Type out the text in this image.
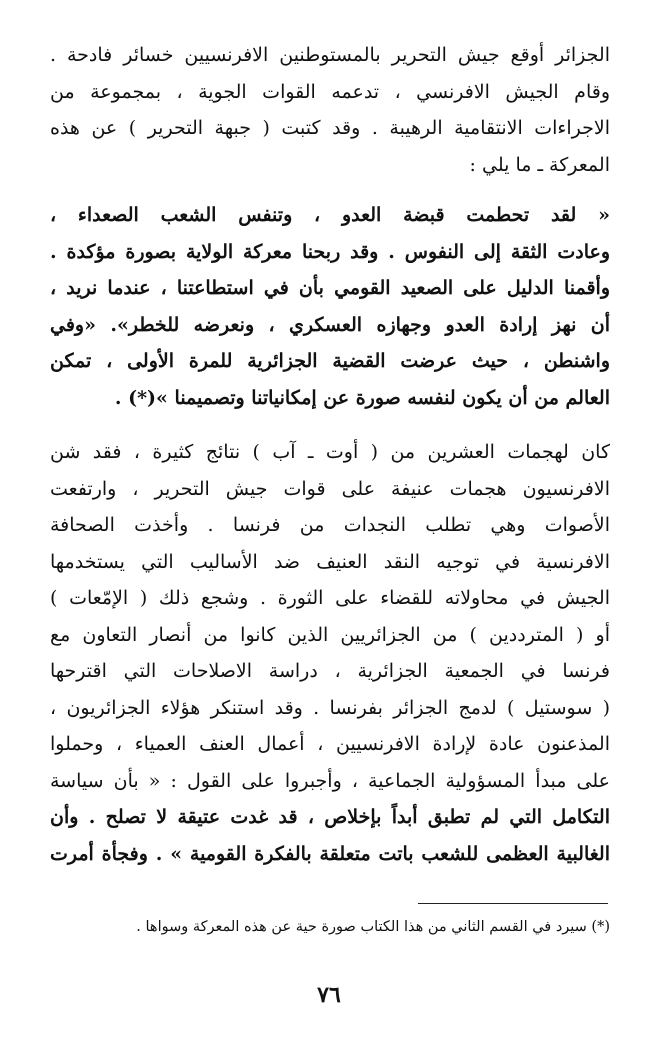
الجزائر أوقع جيش التحرير بالمستوطنين الافرنسيين خسائر فادحة .
وقام الجيش الافرنسي ، تدعمه القوات الجوية ، بمجموعة من
الاجراءات الانتقامية الرهيبة . وقد كتبت ( جبهة التحرير ) عن هذه
المعركة ـ ما يلي :
« لقد تحطمت قبضة العدو ، وتنفس الشعب الصعداء ،
وعادت الثقة إلى النفوس . وقد ربحنا معركة الولاية بصورة مؤكدة .
وأقمنا الدليل على الصعيد القومي بأن في استطاعتنا ، عندما نريد ،
أن نهز إرادة العدو وجهازه العسكري ، ونعرضه للخطر». «وفي
واشنطن ، حيث عرضت القضية الجزائرية للمرة الأولى ، تمكن
العالم من أن يكون لنفسه صورة عن إمكانياتنا وتصميمنا »(*) .
كان لهجمات العشرين من ( أوت ـ آب ) نتائج كثيرة ، فقد شن
الافرنسيون هجمات عنيفة على قوات جيش التحرير ، وارتفعت
الأصوات وهي تطلب النجدات من فرنسا . وأخذت الصحافة
الافرنسية في توجيه النقد العنيف ضد الأساليب التي يستخدمها
الجيش في محاولاته للقضاء على الثورة . وشجع ذلك ( الإمّعات )
أو ( المترددين ) من الجزائريين الذين كانوا من أنصار التعاون مع
فرنسا في الجمعية الجزائرية ، دراسة الاصلاحات التي اقترحها
( سوستيل ) لدمج الجزائر بفرنسا . وقد استنكر هؤلاء الجزائريون ،
المذعنون عادة لإرادة الافرنسيين ، أعمال العنف العمياء ، وحملوا
على مبدأ المسؤولية الجماعية ، وأجبروا على القول : « بأن سياسة
التكامل التي لم تطبق أبداً بإخلاص ، قد غدت عتيقة لا تصلح . وأن
الغالبية العظمى للشعب باتت متعلقة بالفكرة القومية » . وفجأة أمرت
(*) سيرد في القسم الثاني من هذا الكتاب صورة حية عن هذه المعركة وسواها .
٧٦
